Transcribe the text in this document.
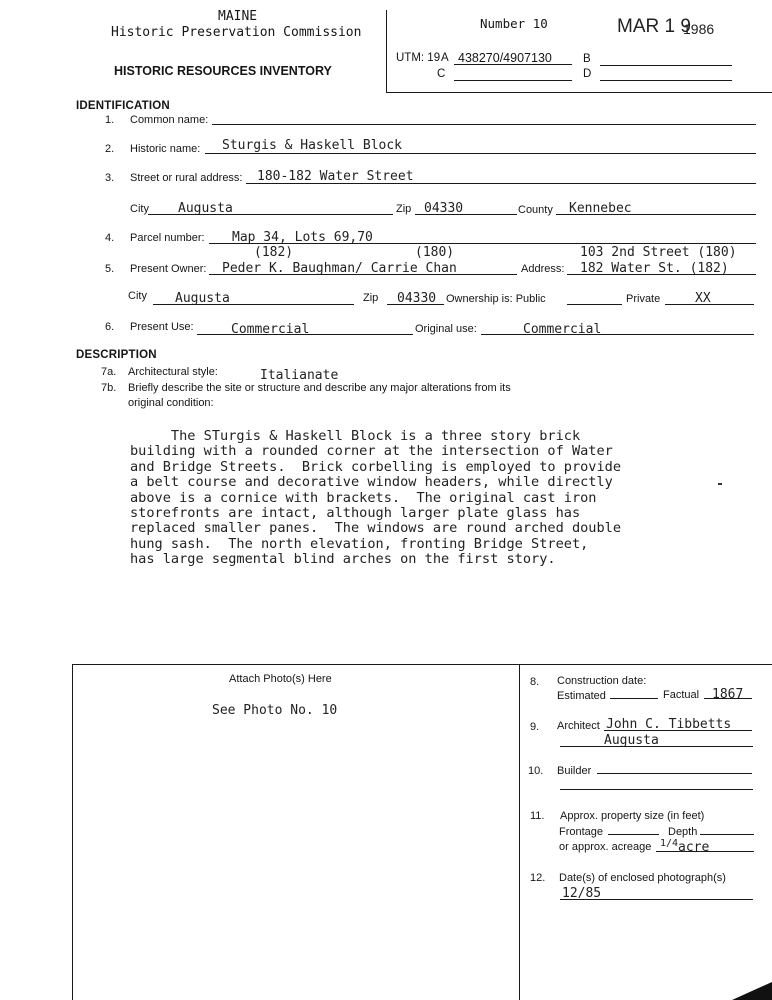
MAINE
Historic Preservation Commission
HISTORIC RESOURCES INVENTORY
Number 10	MAR 1 9
1986
UTM: 19 A 438270/4907130	B
C	D
IDENTIFICATION
1. Common name:
2. Historic name: Sturgis & Haskell Block
3. Street or rural address: 180-182 Water Street
City Augusta	Zip 04330	County Kennebec
4. Parcel number: Map 34, Lots 69,70
(182)	(180)	103 2nd Street (180)
5. Present Owner: Peder K. Baughman/ Carrie Chan	Address: 182 Water St. (182)
City Augusta	Zip 04330 Ownership is: Public	Private	XX
6. Present Use:	Commercial	Original use:	Commercial
DESCRIPTION
7a. Architectural style:	Italianate
7b. Briefly describe the site or structure and describe any major alterations from its
original condition:
The STurgis & Haskell Block is a three story brick
building with a rounded corner at the intersection of Water
and Bridge Streets.  Brick corbelling is employed to provide
a belt course and decorative window headers, while directly
above is a cornice with brackets.  The original cast iron
storefronts are intact, although larger plate glass has
replaced smaller panes.  The windows are round arched double
hung sash.  The north elevation, fronting Bridge Street,
has large segmental blind arches on the first story.
Attach Photo(s) Here
See Photo No. 10
8. Construction date:
Estimated	Factual 1867
9. Architect John C. Tibbetts
Augusta
10. Builder
11. Approx. property size (in feet)
Frontage	Depth
or approx. acreage 1/4 acre
12. Date(s) of enclosed photograph(s)
12/85
